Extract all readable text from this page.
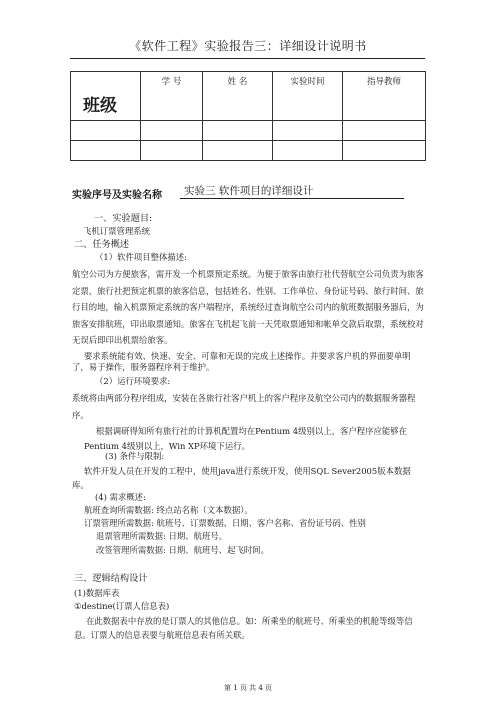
《软件工程》实验报告三：详细设计说明书
班级	学 号	姓 名	实验时间	指导教师

实验序号及实验名称	实验三 软件项目的详细设计
一、实验题目:
飞机订票管理系统
二、任务概述
（1）软件项目整体描述:
航空公司为方便旅客，需开发一个机票预定系统。为便于旅客由旅行社代替航空公司负责为旅客定票，旅行社把预定机票的旅客信息，包括姓名、性别、工作单位、身份证号码、旅行时间、旅行目的地，输入机票预定系统的客户端程序，系统经过查询航空公司内的航班数据服务器后，为旅客安排航班，印出取票通知。旅客在飞机起飞前一天凭取票通知和帐单交款后取票，系统校对无误后即印出机票给旅客。
要求系统能有效、快速、安全、可靠和无误的完成上述操作。并要求客户机的界面要单明了，易于操作，服务器程序利于维护。
（2）运行环境要求:
系统将由两部分程序组成，安装在各旅行社客户机上的客户程序及航空公司内的数据服务器程序。
根据调研得知所有旅行社的计算机配置均在Pentium 4级别以上，客户程序应能够在Pentium 4级别以上，Win XP环境下运行。
(3) 条件与限制:
软件开发人员在开发的工程中，使用java进行系统开发，使用SQL Sever2005版本数据库。
(4) 需求概述:
航班查询所需数据: 终点站名称（文本数据）。
订票管理所需数据: 航班号、订票数据、日期、客户名称、省份证号码、性别
退票管理所需数据: 日期、航班号。
改签管理所需数据: 日期、航班号、起飞时间。
三、逻辑结构设计
(1)数据库表
①destine(订票人信息表)
在此数据表中存放的是订票人的其他信息。如：所乘坐的航班号、所乘坐的机舱等级等信息。订票人的信息表要与航班信息表有所关联。
第 1 页 共 4 页
